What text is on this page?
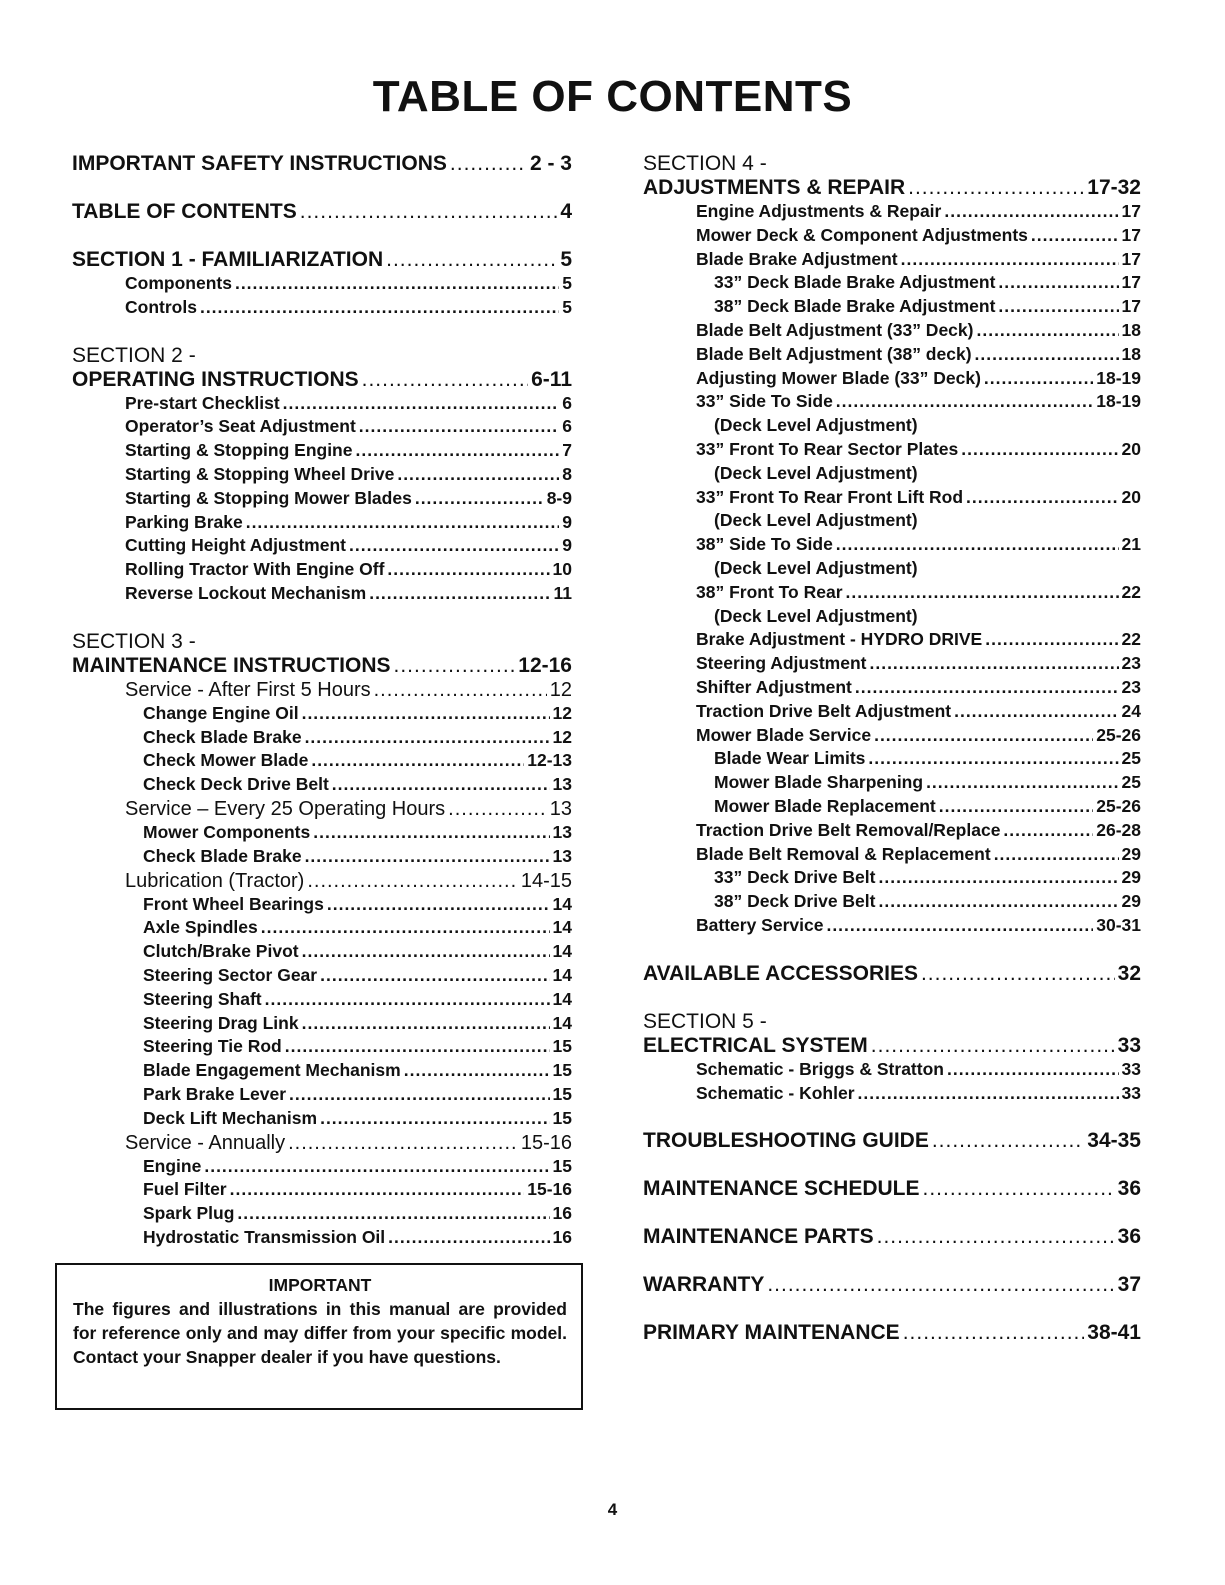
TABLE OF CONTENTS
IMPORTANT SAFETY INSTRUCTIONS .....	2 - 3
TABLE OF CONTENTS .....	4
SECTION 1 - FAMILIARIZATION .....	5
Components .....	5
Controls .....	5
SECTION 2 -
OPERATING INSTRUCTIONS .....	6-11
Pre-start Checklist .....	6
Operator’s Seat Adjustment .....	6
Starting & Stopping Engine .....	7
Starting & Stopping Wheel Drive .....	8
Starting & Stopping Mower Blades .....	8-9
Parking Brake .....	9
Cutting Height Adjustment .....	9
Rolling Tractor With Engine Off .....	10
Reverse Lockout Mechanism .....	11
SECTION 3 -
MAINTENANCE INSTRUCTIONS .....	12-16
Service - After First 5 Hours .....	12
Change Engine Oil .....	12
Check Blade Brake .....	12
Check Mower Blade .....	12-13
Check Deck Drive Belt .....	13
Service – Every 25 Operating Hours .....	13
Mower Components .....	13
Check Blade Brake .....	13
Lubrication (Tractor) .....	14-15
Front Wheel Bearings .....	14
Axle Spindles .....	14
Clutch/Brake Pivot .....	14
Steering Sector Gear .....	14
Steering Shaft .....	14
Steering Drag Link .....	14
Steering Tie Rod .....	15
Blade Engagement Mechanism .....	15
Park Brake Lever .....	15
Deck Lift Mechanism .....	15
Service - Annually .....	15-16
Engine .....	15
Fuel Filter .....	15-16
Spark Plug .....	16
Hydrostatic Transmission Oil .....	16
SECTION 4 -
ADJUSTMENTS & REPAIR .....	17-32
Engine Adjustments & Repair .....	17
Mower Deck & Component Adjustments .....	17
Blade Brake Adjustment .....	17
33” Deck Blade Brake Adjustment .....	17
38” Deck Blade Brake Adjustment .....	17
Blade Belt Adjustment (33” Deck) .....	18
Blade Belt Adjustment (38” deck) .....	18
Adjusting Mower Blade (33” Deck) .....	18-19
33” Side To Side .....	18-19
(Deck Level Adjustment)
33” Front To Rear Sector Plates .....	20
(Deck Level Adjustment)
33” Front To Rear Front Lift Rod .....	20
(Deck Level Adjustment)
38” Side To Side .....	21
(Deck Level Adjustment)
38” Front To Rear .....	22
(Deck Level Adjustment)
Brake Adjustment - HYDRO DRIVE .....	22
Steering Adjustment .....	23
Shifter Adjustment .....	23
Traction Drive Belt Adjustment .....	24
Mower Blade Service .....	25-26
Blade Wear Limits .....	25
Mower Blade Sharpening .....	25
Mower Blade Replacement .....	25-26
Traction Drive Belt Removal/Replace .....	26-28
Blade Belt Removal & Replacement .....	29
33” Deck Drive Belt .....	29
38” Deck Drive Belt .....	29
Battery Service .....	30-31
AVAILABLE ACCESSORIES .....	32
SECTION 5 -
ELECTRICAL SYSTEM .....	33
Schematic - Briggs & Stratton .....	33
Schematic - Kohler .....	33
TROUBLESHOOTING GUIDE .....	34-35
MAINTENANCE SCHEDULE .....	36
MAINTENANCE PARTS .....	36
WARRANTY .....	37
PRIMARY MAINTENANCE .....	38-41

IMPORTANT

The figures and illustrations in this manual are provided for reference only and may differ from your specific model. Contact your Snapper dealer if you have questions.

4
